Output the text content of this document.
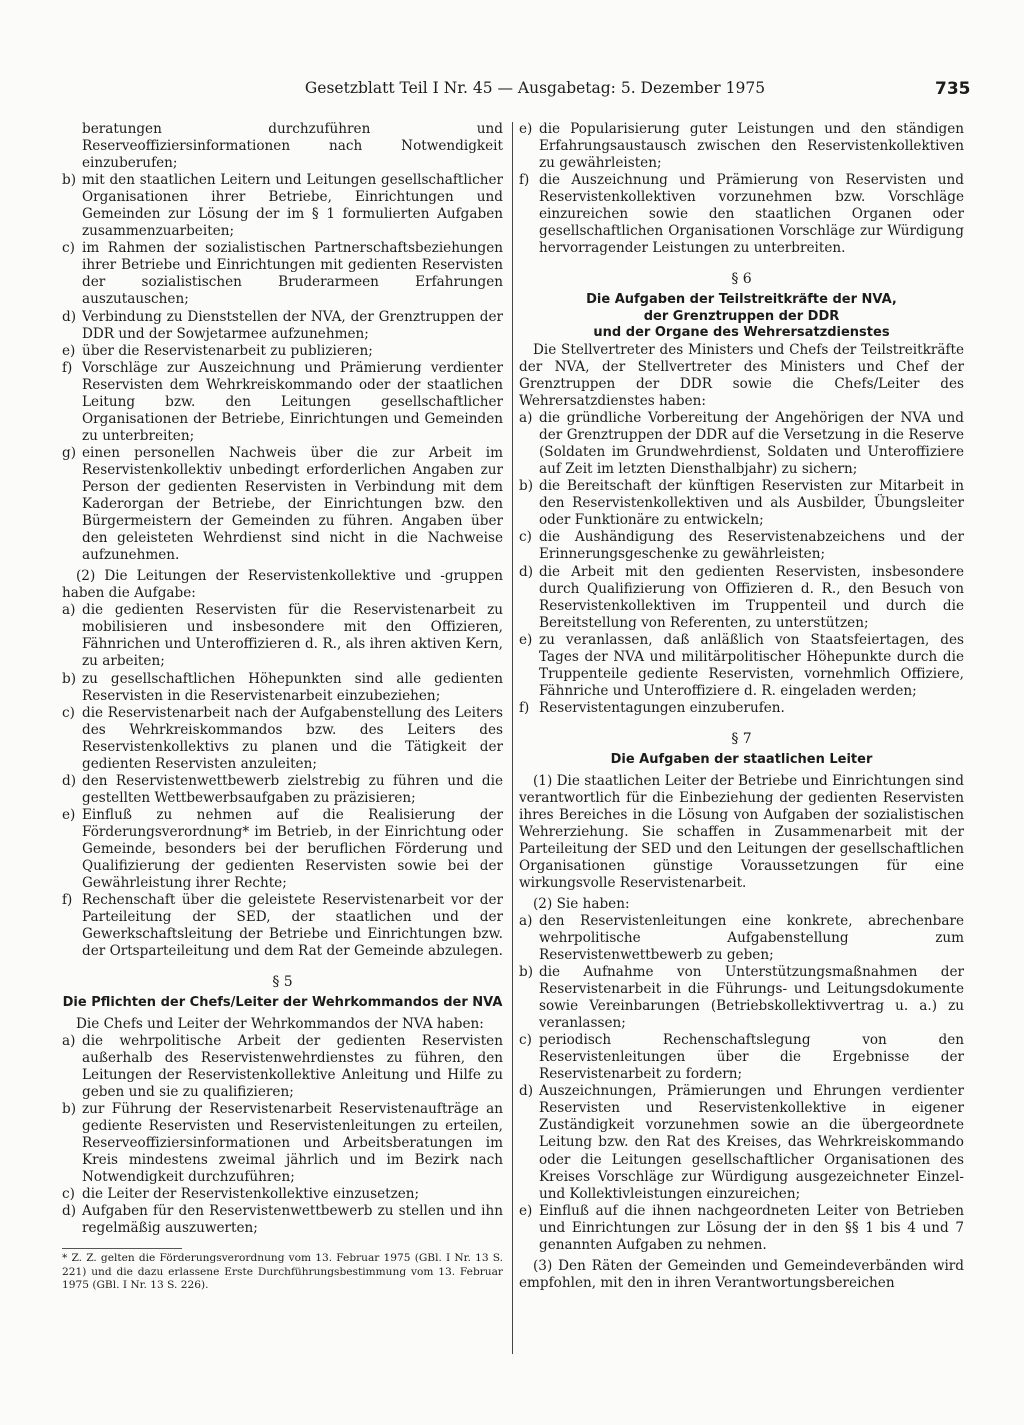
Gesetzblatt Teil I Nr. 45 — Ausgabetag: 5. Dezember 1975	735
beratungen durchzuführen und Reserveoffiziersinformationen nach Notwendigkeit einzuberufen;
b) mit den staatlichen Leitern und Leitungen gesellschaftlicher Organisationen ihrer Betriebe, Einrichtungen und Gemeinden zur Lösung der im § 1 formulierten Aufgaben zusammenzuarbeiten;
c) im Rahmen der sozialistischen Partnerschaftsbeziehungen ihrer Betriebe und Einrichtungen mit gedienten Reservisten der sozialistischen Bruderarmeen Erfahrungen auszutauschen;
d) Verbindung zu Dienststellen der NVA, der Grenztruppen der DDR und der Sowjetarmee aufzunehmen;
e) über die Reservistenarbeit zu publizieren;
f) Vorschläge zur Auszeichnung und Prämierung verdienter Reservisten dem Wehrkreiskommando oder der staatlichen Leitung bzw. den Leitungen gesellschaftlicher Organisationen der Betriebe, Einrichtungen und Gemeinden zu unterbreiten;
g) einen personellen Nachweis über die zur Arbeit im Reservistenkollektiv unbedingt erforderlichen Angaben zur Person der gedienten Reservisten in Verbindung mit dem Kaderorgan der Betriebe, der Einrichtungen bzw. den Bürgermeistern der Gemeinden zu führen. Angaben über den geleisteten Wehrdienst sind nicht in die Nachweise aufzunehmen.
(2) Die Leitungen der Reservistenkollektive und -gruppen haben die Aufgabe:
a) die gedienten Reservisten für die Reservistenarbeit zu mobilisieren und insbesondere mit den Offizieren, Fähnrichen und Unteroffizieren d. R., als ihren aktiven Kern, zu arbeiten;
b) zu gesellschaftlichen Höhepunkten sind alle gedienten Reservisten in die Reservistenarbeit einzubeziehen;
c) die Reservistenarbeit nach der Aufgabenstellung des Leiters des Wehrkreiskommandos bzw. des Leiters des Reservistenkollektivs zu planen und die Tätigkeit der gedienten Reservisten anzuleiten;
d) den Reservistenwettbewerb zielstrebig zu führen und die gestellten Wettbewerbsaufgaben zu präzisieren;
e) Einfluß zu nehmen auf die Realisierung der Förderungsverordnung* im Betrieb, in der Einrichtung oder Gemeinde, besonders bei der beruflichen Förderung und Qualifizierung der gedienten Reservisten sowie bei der Gewährleistung ihrer Rechte;
f) Rechenschaft über die geleistete Reservistenarbeit vor der Parteileitung der SED, der staatlichen und der Gewerkschaftsleitung der Betriebe und Einrichtungen bzw. der Ortsparteileitung und dem Rat der Gemeinde abzulegen.
§ 5
Die Pflichten der Chefs/Leiter der Wehrkommandos der NVA
Die Chefs und Leiter der Wehrkommandos der NVA haben:
a) die wehrpolitische Arbeit der gedienten Reservisten außerhalb des Reservistenwehrdienstes zu führen, den Leitungen der Reservistenkollektive Anleitung und Hilfe zu geben und sie zu qualifizieren;
b) zur Führung der Reservistenarbeit Reservistenaufträge an gediente Reservisten und Reservistenleitungen zu erteilen, Reserveoffiziersinformationen und Arbeitsberatungen im Kreis mindestens zweimal jährlich und im Bezirk nach Notwendigkeit durchzuführen;
c) die Leiter der Reservistenkollektive einzusetzen;
d) Aufgaben für den Reservistenwettbewerb zu stellen und ihn regelmäßig auszuwerten;
* Z. Z. gelten die Förderungsverordnung vom 13. Februar 1975 (GBl. I Nr. 13 S. 221) und die dazu erlassene Erste Durchführungsbestimmung vom 13. Februar 1975 (GBl. I Nr. 13 S. 226).
e) die Popularisierung guter Leistungen und den ständigen Erfahrungsaustausch zwischen den Reservistenkollektiven zu gewährleisten;
f) die Auszeichnung und Prämierung von Reservisten und Reservistenkollektiven vorzunehmen bzw. Vorschläge einzureichen sowie den staatlichen Organen oder gesellschaftlichen Organisationen Vorschläge zur Würdigung hervorragender Leistungen zu unterbreiten.
§ 6
Die Aufgaben der Teilstreitkräfte der NVA,
der Grenztruppen der DDR
und der Organe des Wehrersatzdienstes
Die Stellvertreter des Ministers und Chefs der Teilstreitkräfte der NVA, der Stellvertreter des Ministers und Chef der Grenztruppen der DDR sowie die Chefs/Leiter des Wehrersatzdienstes haben:
a) die gründliche Vorbereitung der Angehörigen der NVA und der Grenztruppen der DDR auf die Versetzung in die Reserve (Soldaten im Grundwehrdienst, Soldaten und Unteroffiziere auf Zeit im letzten Diensthalbjahr) zu sichern;
b) die Bereitschaft der künftigen Reservisten zur Mitarbeit in den Reservistenkollektiven und als Ausbilder, Übungsleiter oder Funktionäre zu entwickeln;
c) die Aushändigung des Reservistenabzeichens und der Erinnerungsgeschenke zu gewährleisten;
d) die Arbeit mit den gedienten Reservisten, insbesondere durch Qualifizierung von Offizieren d. R., den Besuch von Reservistenkollektiven im Truppenteil und durch die Bereitstellung von Referenten, zu unterstützen;
e) zu veranlassen, daß anläßlich von Staatsfeiertagen, des Tages der NVA und militärpolitischer Höhepunkte durch die Truppenteile gediente Reservisten, vornehmlich Offiziere, Fähnriche und Unteroffiziere d. R. eingeladen werden;
f) Reservistentagungen einzuberufen.
§ 7
Die Aufgaben der staatlichen Leiter
(1) Die staatlichen Leiter der Betriebe und Einrichtungen sind verantwortlich für die Einbeziehung der gedienten Reservisten ihres Bereiches in die Lösung von Aufgaben der sozialistischen Wehrerziehung. Sie schaffen in Zusammenarbeit mit der Parteileitung der SED und den Leitungen der gesellschaftlichen Organisationen günstige Voraussetzungen für eine wirkungsvolle Reservistenarbeit.
(2) Sie haben:
a) den Reservistenleitungen eine konkrete, abrechenbare wehrpolitische Aufgabenstellung zum Reservistenwettbewerb zu geben;
b) die Aufnahme von Unterstützungsmaßnahmen der Reservistenarbeit in die Führungs- und Leitungsdokumente sowie Vereinbarungen (Betriebskollektivvertrag u. a.) zu veranlassen;
c) periodisch Rechenschaftslegung von den Reservistenleitungen über die Ergebnisse der Reservistenarbeit zu fordern;
d) Auszeichnungen, Prämierungen und Ehrungen verdienter Reservisten und Reservistenkollektive in eigener Zuständigkeit vorzunehmen sowie an die übergeordnete Leitung bzw. den Rat des Kreises, das Wehrkreiskommando oder die Leitungen gesellschaftlicher Organisationen des Kreises Vorschläge zur Würdigung ausgezeichneter Einzel- und Kollektivleistungen einzureichen;
e) Einfluß auf die ihnen nachgeordneten Leiter von Betrieben und Einrichtungen zur Lösung der in den §§ 1 bis 4 und 7 genannten Aufgaben zu nehmen.
(3) Den Räten der Gemeinden und Gemeindeverbänden wird empfohlen, mit den in ihren Verantwortungsbereichen
